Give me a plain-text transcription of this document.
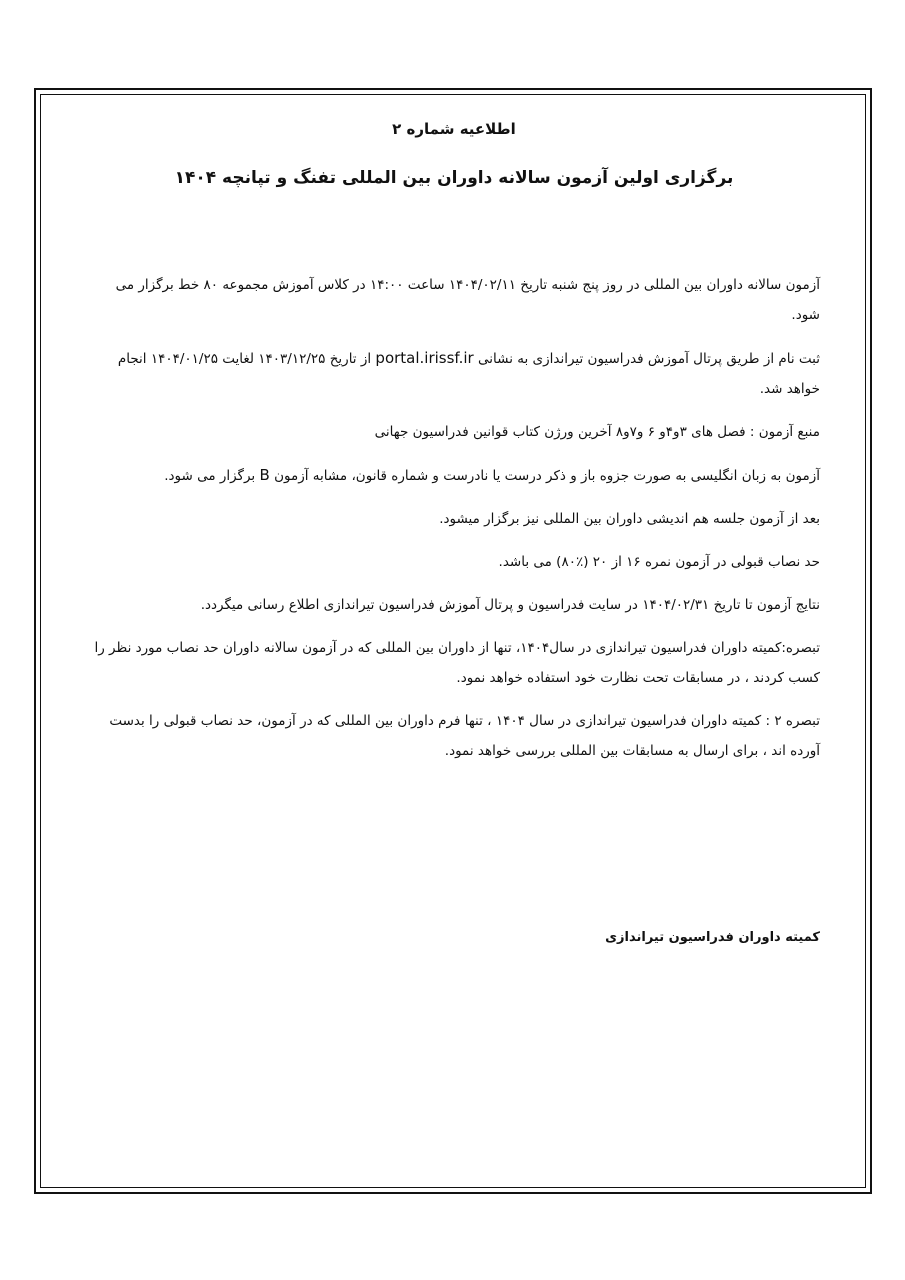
اطلاعیه شماره ۲
برگزاری اولین آزمون سالانه داوران بین المللی تفنگ و تپانچه ۱۴۰۴

آزمون سالانه داوران بین المللی در روز پنج شنبه تاریخ ۱۴۰۴/۰۲/۱۱ ساعت ۱۴:۰۰ در کلاس آموزش مجموعه ۸۰ خط برگزار می شود.

ثبت نام از طریق پرتال آموزش فدراسیون تیراندازی به نشانی portal.irissf.ir از تاریخ ۱۴۰۳/۱۲/۲۵ لغایت ۱۴۰۴/۰۱/۲۵ انجام خواهد شد.

منبع آزمون : فصل های ۳و۴و ۶ و۷و۸ آخرین ورژن کتاب قوانین فدراسیون جهانی

آزمون به زبان انگلیسی به صورت جزوه باز و ذکر درست یا نادرست و شماره قانون، مشابه آزمون B برگزار می شود.

بعد از آزمون جلسه هم اندیشی داوران بین المللی نیز برگزار میشود.

حد نصاب قبولی در آزمون نمره ۱۶ از ۲۰ (٪۸۰) می باشد.

نتایج آزمون تا تاریخ ۱۴۰۴/۰۲/۳۱ در سایت فدراسیون و پرتال آموزش فدراسیون تیراندازی اطلاع رسانی میگردد.

تبصره:کمیته داوران فدراسیون تیراندازی در سال۱۴۰۴، تنها از داوران بین المللی که در آزمون سالانه داوران حد نصاب مورد نظر را کسب کردند ، در مسابقات تحت نظارت خود استفاده خواهد نمود.

تبصره ۲ : کمیته داوران فدراسیون تیراندازی در سال ۱۴۰۴ ، تنها فرم داوران بین المللی که در آزمون، حد نصاب قبولی را بدست آورده اند ، برای ارسال به مسابقات بین المللی بررسی خواهد نمود.

کمیته داوران فدراسیون تیراندازی
